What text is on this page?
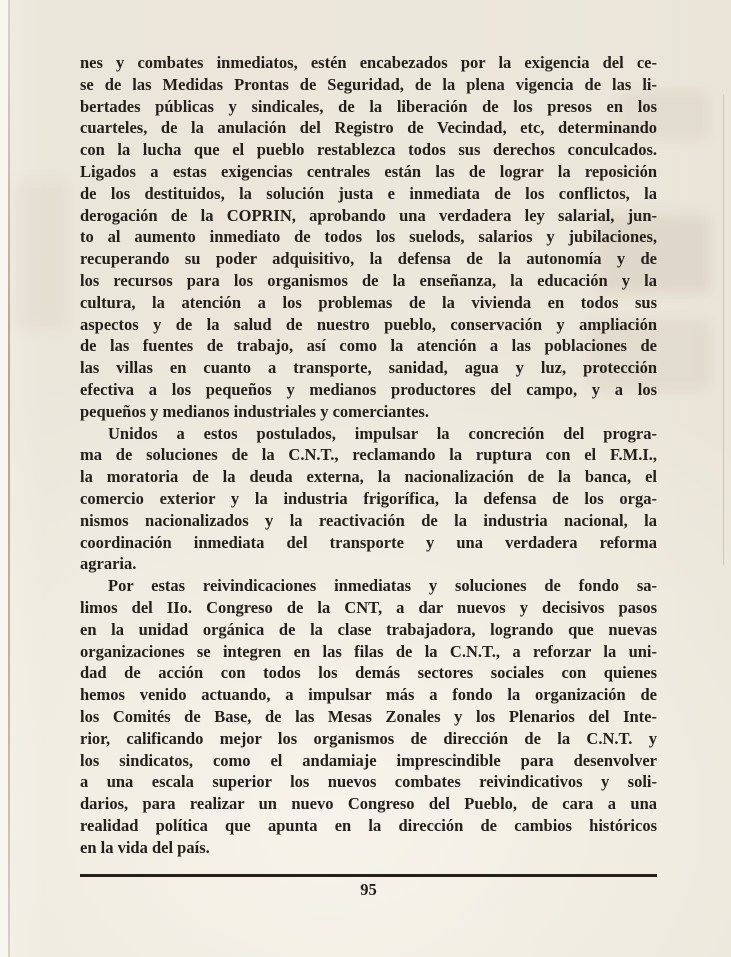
nes y combates inmediatos, estén encabezados por la exigencia del ce-
se de las Medidas Prontas de Seguridad, de la plena vigencia de las li-
bertades públicas y sindicales, de la liberación de los presos en los
cuarteles, de la anulación del Registro de Vecindad, etc, determinando
con la lucha que el pueblo restablezca todos sus derechos conculcados.
Ligados a estas exigencias centrales están las de lograr la reposición
de los destituidos, la solución justa e inmediata de los conflictos, la
derogación de la COPRIN, aprobando una verdadera ley salarial, jun-
to al aumento inmediato de todos los suelods, salarios y jubilaciones,
recuperando su poder adquisitivo, la defensa de la autonomía y de
los recursos para los organismos de la enseñanza, la educación y la
cultura, la atención a los problemas de la vivienda en todos sus
aspectos y de la salud de nuestro pueblo, conservación y ampliación
de las fuentes de trabajo, así como la atención a las poblaciones de
las villas en cuanto a transporte, sanidad, agua y luz, protección
efectiva a los pequeños y medianos productores del campo, y a los
pequeños y medianos industriales y comerciantes.
Unidos a estos postulados, impulsar la concreción del progra-
ma de soluciones de la C.N.T., reclamando la ruptura con el F.M.I.,
la moratoria de la deuda externa, la nacionalización de la banca, el
comercio exterior y la industria frigorífica, la defensa de los orga-
nismos nacionalizados y la reactivación de la industria nacional, la
coordinación inmediata del transporte y una verdadera reforma
agraria.
Por estas reivindicaciones inmediatas y soluciones de fondo sa-
limos del IIo. Congreso de la CNT, a dar nuevos y decisivos pasos
en la unidad orgánica de la clase trabajadora, logrando que nuevas
organizaciones se integren en las filas de la C.N.T., a reforzar la uni-
dad de acción con todos los demás sectores sociales con quienes
hemos venido actuando, a impulsar más a fondo la organización de
los Comités de Base, de las Mesas Zonales y los Plenarios del Inte-
rior, calificando mejor los organismos de dirección de la C.N.T. y
los sindicatos, como el andamiaje imprescindible para desenvolver
a una escala superior los nuevos combates reivindicativos y soli-
darios, para realizar un nuevo Congreso del Pueblo, de cara a una
realidad política que apunta en la dirección de cambios históricos
en la vida del país.
95
